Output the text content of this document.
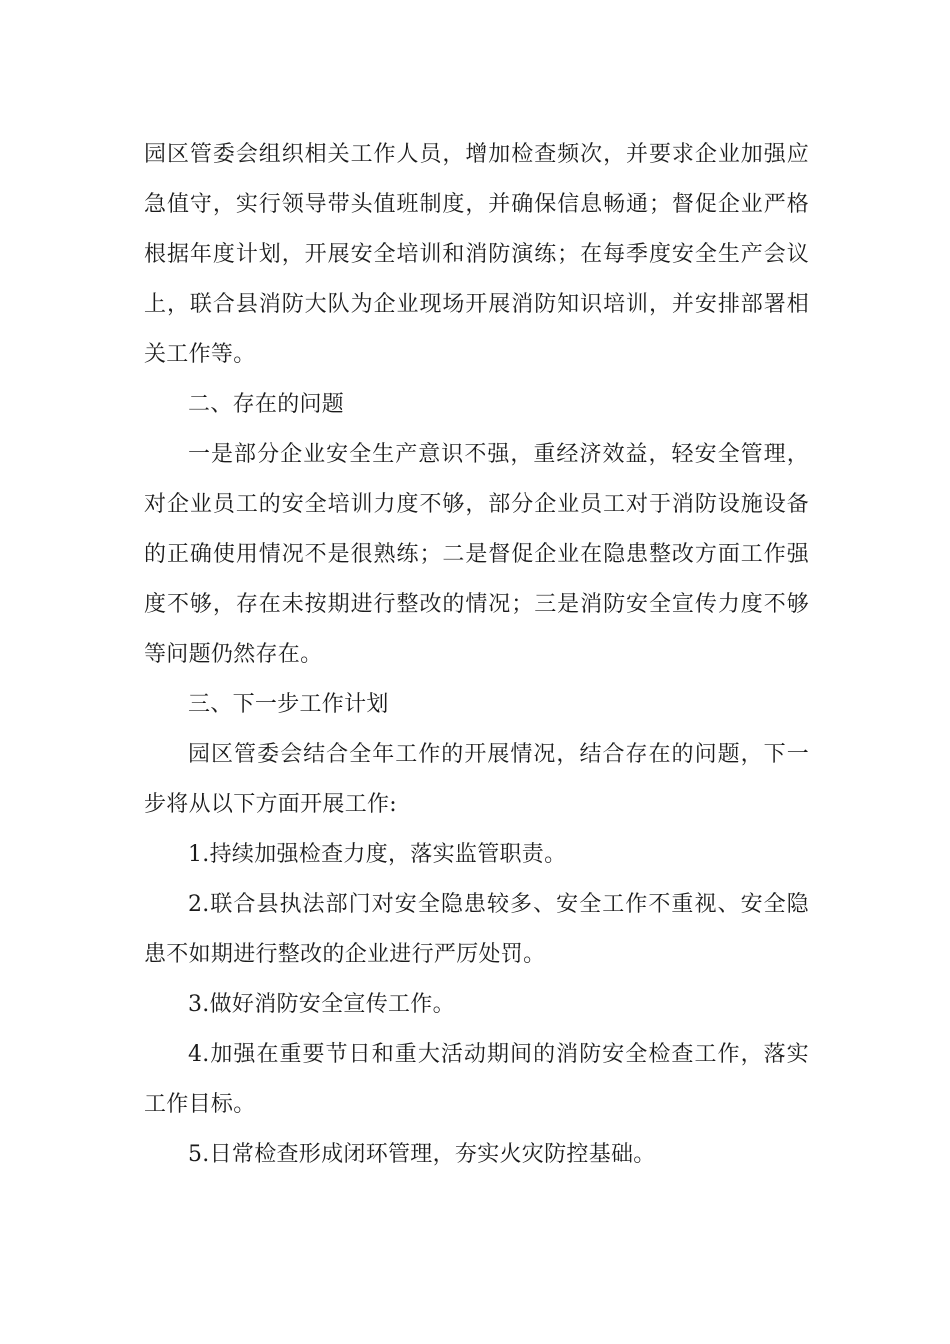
园区管委会组织相关工作人员，增加检查频次，并要求企业加强应急值守，实行领导带头值班制度，并确保信息畅通；督促企业严格根据年度计划，开展安全培训和消防演练；在每季度安全生产会议上，联合县消防大队为企业现场开展消防知识培训，并安排部署相关工作等。

二、存在的问题

一是部分企业安全生产意识不强，重经济效益，轻安全管理，对企业员工的安全培训力度不够，部分企业员工对于消防设施设备的正确使用情况不是很熟练；二是督促企业在隐患整改方面工作强度不够，存在未按期进行整改的情况；三是消防安全宣传力度不够等问题仍然存在。

三、下一步工作计划

园区管委会结合全年工作的开展情况，结合存在的问题，下一步将从以下方面开展工作:

1.持续加强检查力度，落实监管职责。

2.联合县执法部门对安全隐患较多、安全工作不重视、安全隐患不如期进行整改的企业进行严厉处罚。

3.做好消防安全宣传工作。

4.加强在重要节日和重大活动期间的消防安全检查工作，落实工作目标。

5.日常检查形成闭环管理，夯实火灾防控基础。
